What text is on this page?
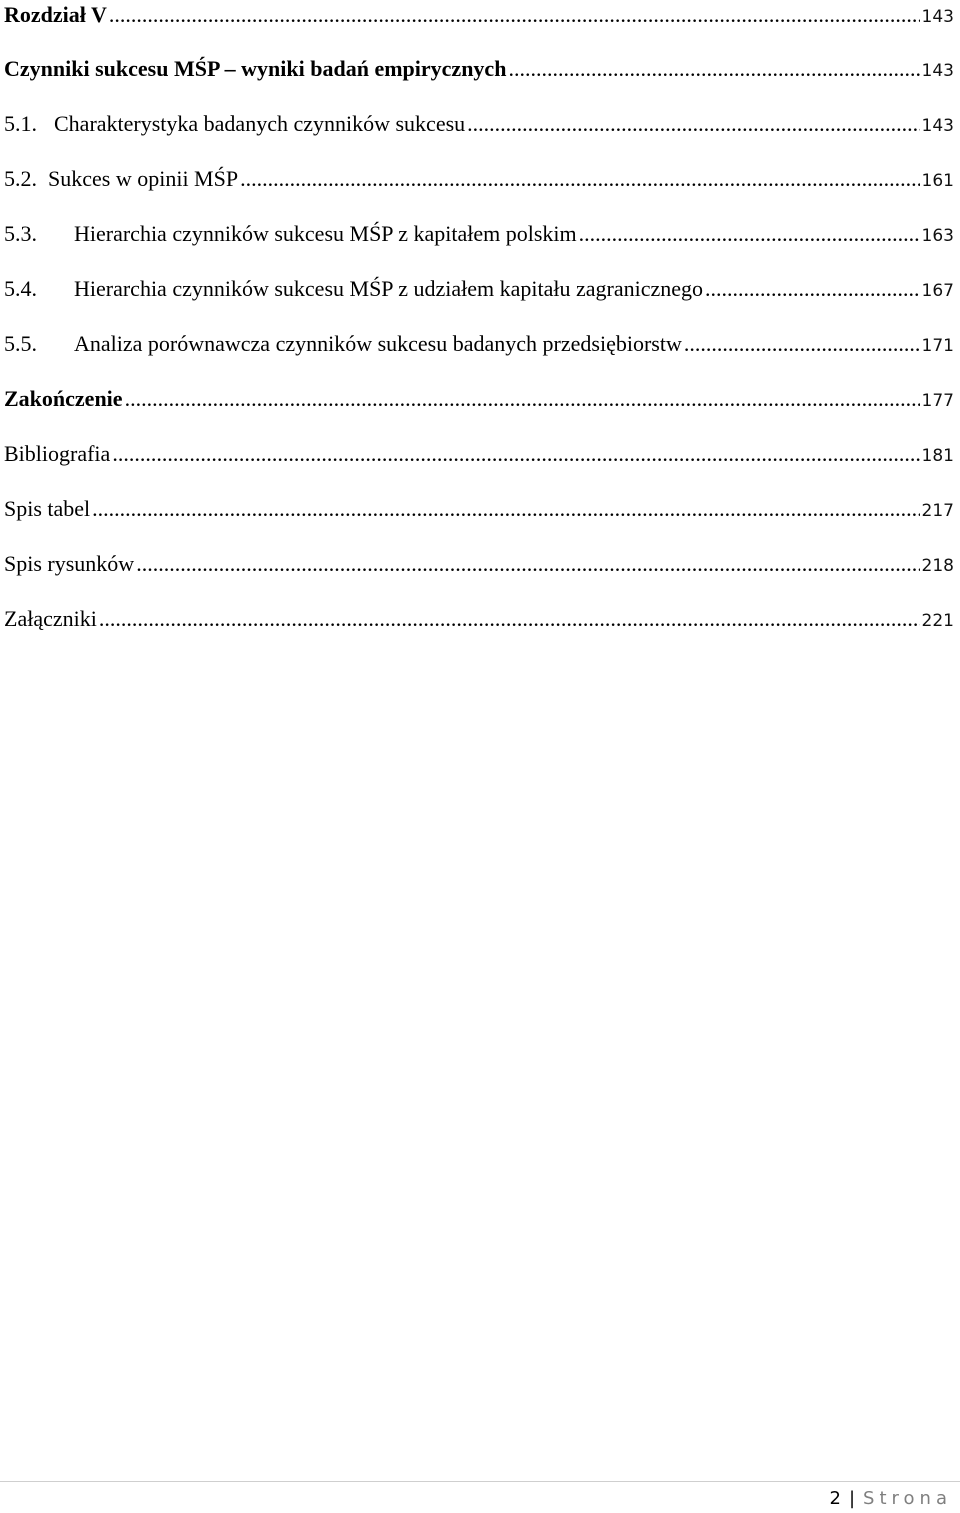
Rozdział V .....	143
Czynniki sukcesu MŚP – wyniki badań empirycznych .....	143
5.1. Charakterystyka badanych czynników sukcesu .....	143
5.2. Sukces w opinii MŚP .....	161
5.3.	Hierarchia czynników sukcesu MŚP z kapitałem polskim .....	163
5.4.	Hierarchia czynników sukcesu MŚP z udziałem kapitału zagranicznego .....	167
5.5.	Analiza porównawcza czynników sukcesu badanych przedsiębiorstw .....	171
Zakończenie .....	177
Bibliografia .....	181
Spis tabel .....	217
Spis rysunków .....	218
Załączniki .....	221
2 | Strona
